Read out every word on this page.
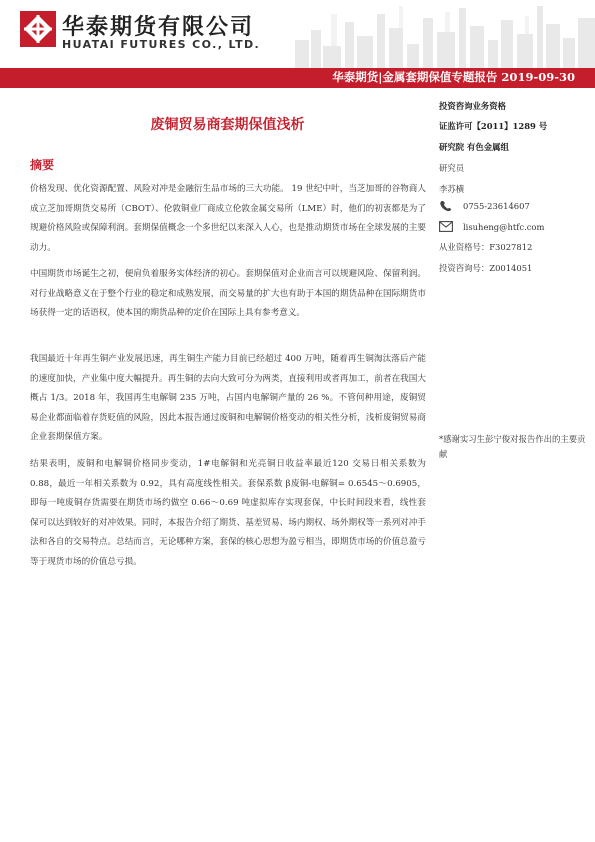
华泰期货有限公司
HUATAI FUTURES CO., LTD.
华泰期货|金属套期保值专题报告 2019-09-30
废铜贸易商套期保值浅析
摘要

价格发现、优化资源配置、风险对冲是金融衍生品市场的三大功能。 19 世纪中叶，当芝加哥的谷物商人成立芝加哥期货交易所（CBOT）、伦敦铜业厂商成立伦敦金属交易所（LME）时，他们的初衷都是为了规避价格风险或保障利润。套期保值概念一个多世纪以来深入人心，也是推动期货市场在全球发展的主要动力。

中国期货市场诞生之初，便肩负着服务实体经济的初心。套期保值对企业而言可以规避风险、保留利润。对行业战略意义在于整个行业的稳定和成熟发展，而交易量的扩大也有助于本国的期货品种在国际期货市场获得一定的话语权，使本国的期货品种的定价在国际上具有参考意义。

我国最近十年再生铜产业发展迅速，再生铜生产能力目前已经超过 400 万吨，随着再生铜淘汰落后产能的速度加快，产业集中度大幅提升。再生铜的去向大致可分为两类，直接利用或者再加工，前者在我国大概占 1/3。2018 年，我国再生电解铜 235 万吨，占国内电解铜产量的 26 %。不管何种用途，废铜贸易企业都面临着存货贬值的风险，因此本报告通过废铜和电解铜价格变动的相关性分析，浅析废铜贸易商企业套期保值方案。

结果表明，废铜和电解铜价格同步变动，1#电解铜和光亮铜日收益率最近120 交易日相关系数为 0.88，最近一年相关系数为 0.92，具有高度线性相关。套保系数 β废铜-电解铜= 0.6545～0.6905，即每一吨废铜存货需要在期货市场约做空 0.66～0.69 吨虚拟库存实现套保，中长时间段来看，线性套保可以达到较好的对冲效果。同时，本报告介绍了期货、基差贸易、场内期权、场外期权等一系列对冲手法和各自的交易特点。总结而言，无论哪种方案，套保的核心思想为盈亏相当，即期货市场的价值总盈亏等于现货市场的价值总亏损。

投资咨询业务资格
证监许可【2011】1289 号
研究院 有色金属组
研究员
李苏横
0755-23614607
lisuheng@htfc.com
从业资格号：F3027812
投资咨询号：Z0014051
*感谢实习生彭宁俊对报告作出的主要贡献
